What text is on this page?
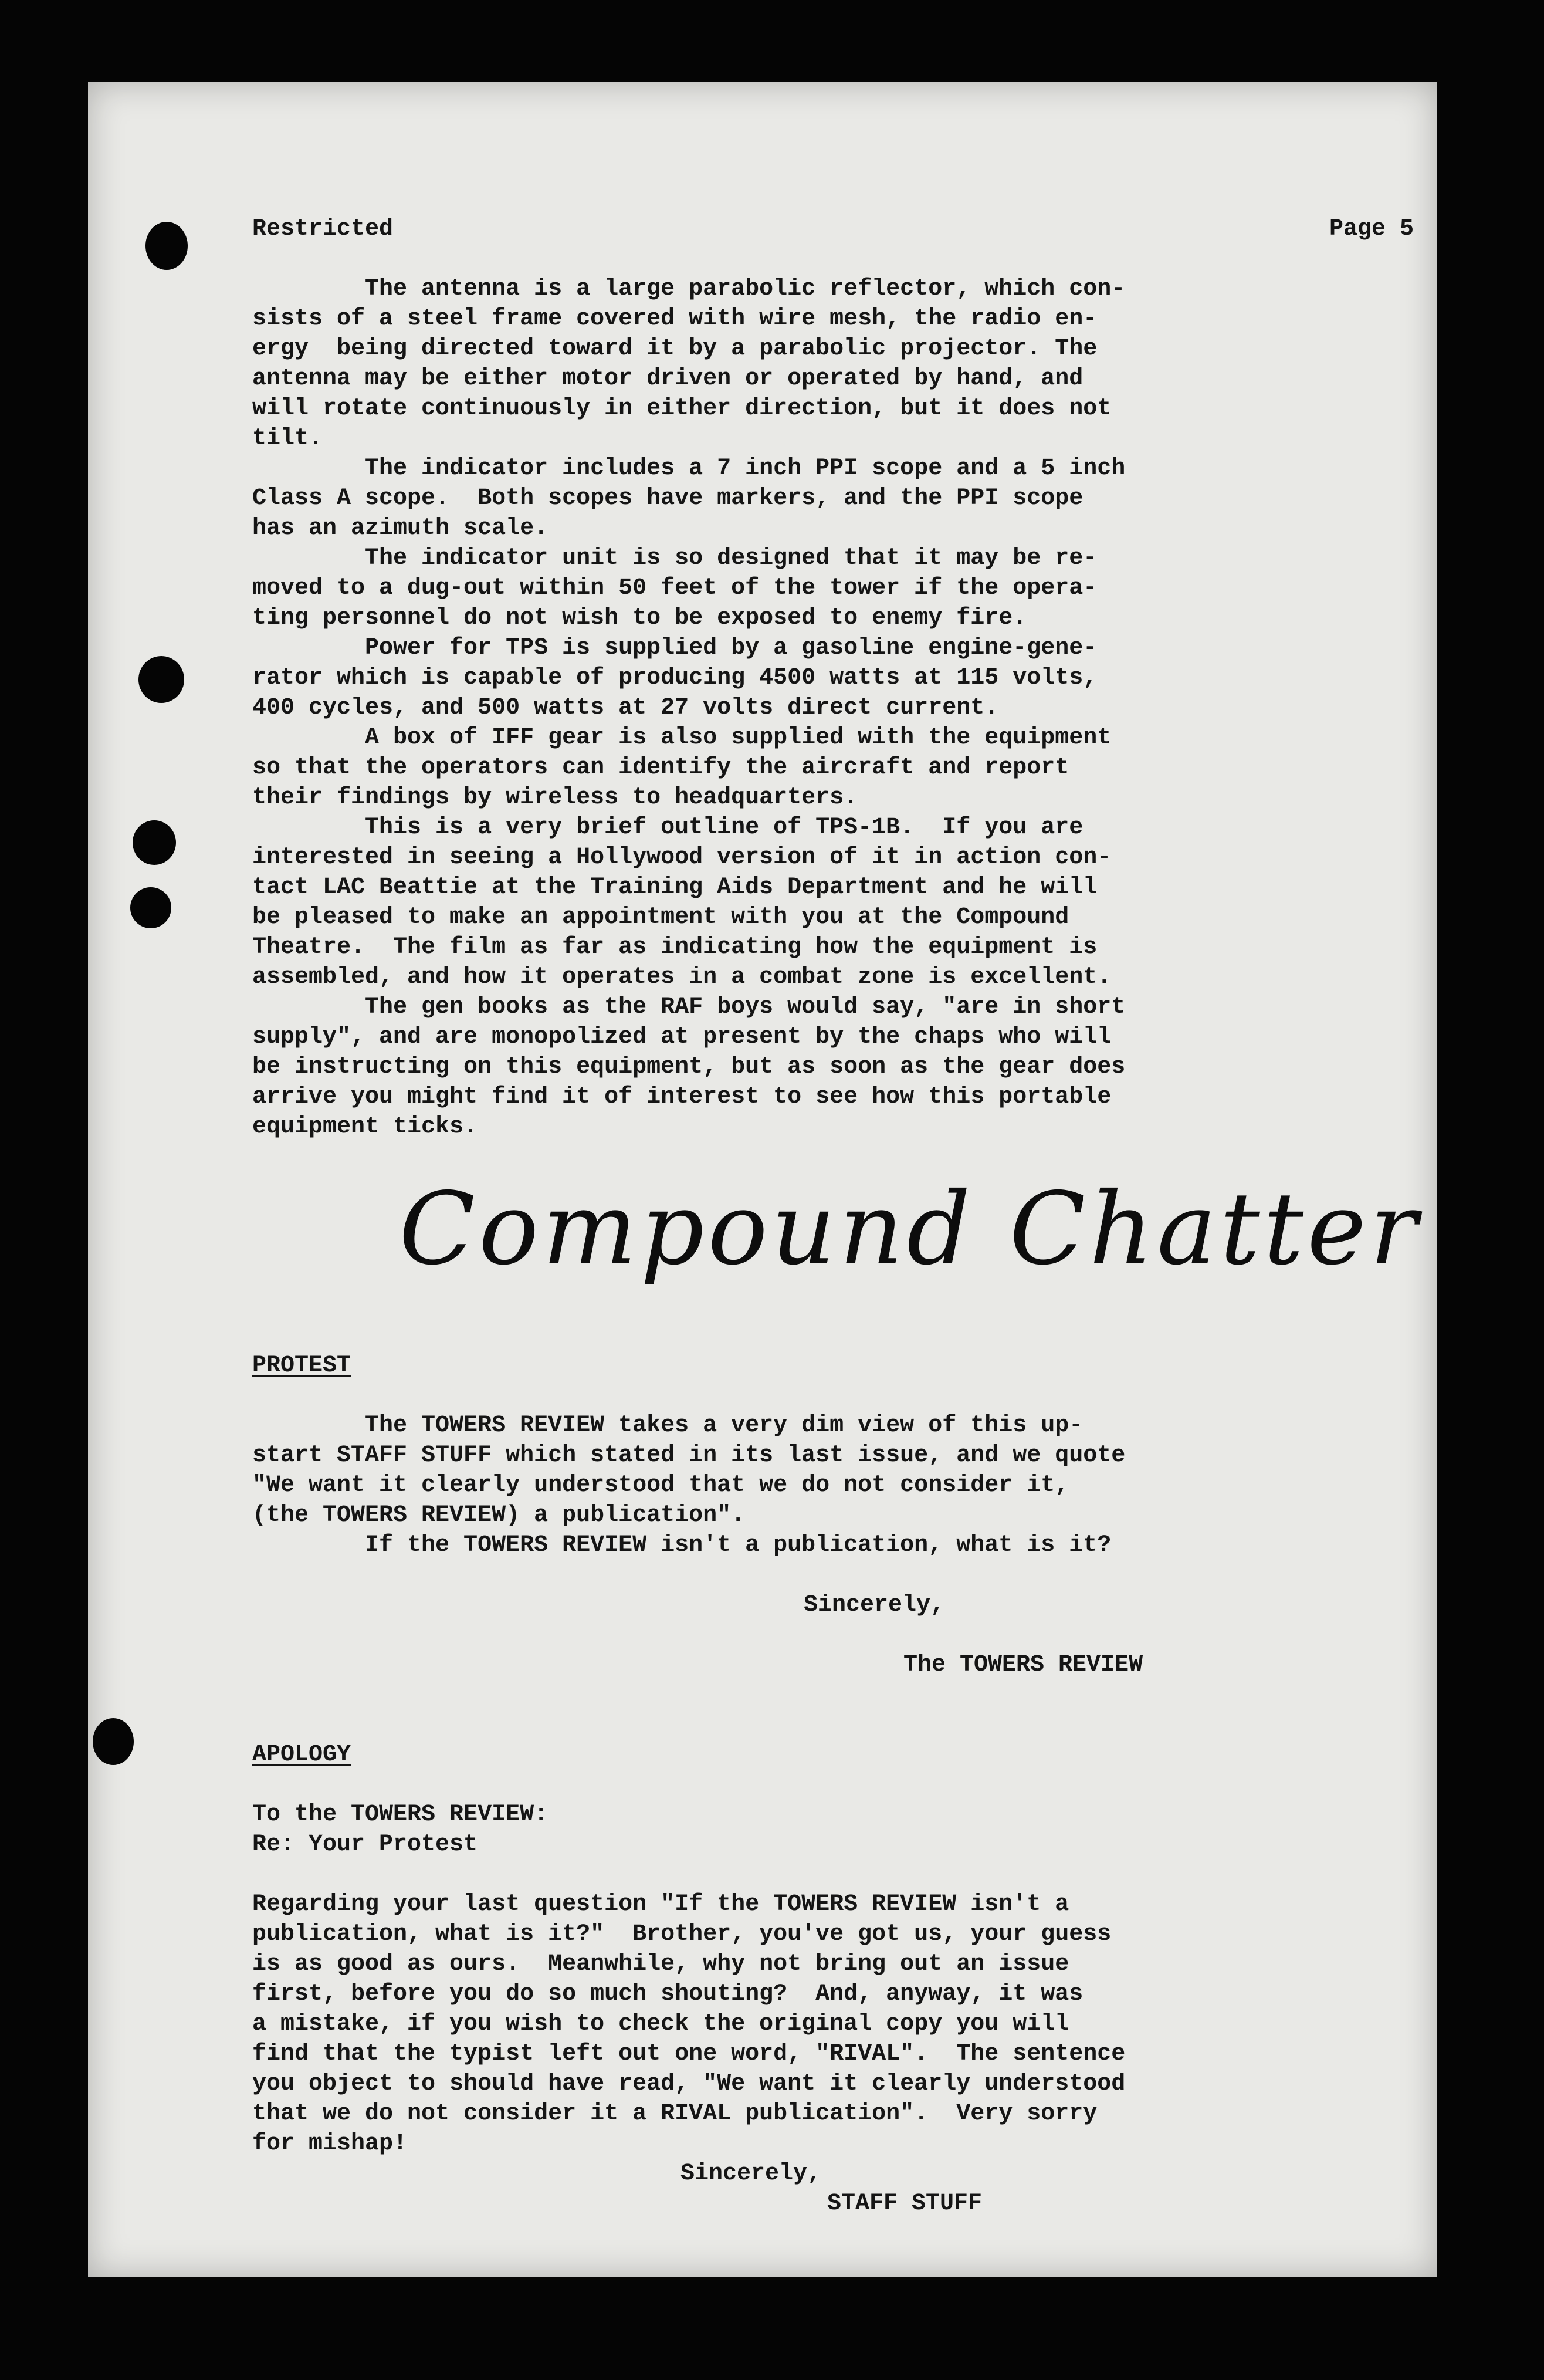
Restricted	Page 5
The antenna is a large parabolic reflector, which con-
sists of a steel frame covered with wire mesh, the radio en-
ergy  being directed toward it by a parabolic projector. The
antenna may be either motor driven or operated by hand, and
will rotate continuously in either direction, but it does not
tilt.
The indicator includes a 7 inch PPI scope and a 5 inch
Class A scope.  Both scopes have markers, and the PPI scope
has an azimuth scale.
The indicator unit is so designed that it may be re-
moved to a dug-out within 50 feet of the tower if the opera-
ting personnel do not wish to be exposed to enemy fire.
Power for TPS is supplied by a gasoline engine-gene-
rator which is capable of producing 4500 watts at 115 volts,
400 cycles, and 500 watts at 27 volts direct current.
A box of IFF gear is also supplied with the equipment
so that the operators can identify the aircraft and report
their findings by wireless to headquarters.
This is a very brief outline of TPS-1B.  If you are
interested in seeing a Hollywood version of it in action con-
tact LAC Beattie at the Training Aids Department and he will
be pleased to make an appointment with you at the Compound
Theatre.  The film as far as indicating how the equipment is
assembled, and how it operates in a combat zone is excellent.
The gen books as the RAF boys would say, "are in short
supply", and are monopolized at present by the chaps who will
be instructing on this equipment, but as soon as the gear does
arrive you might find it of interest to see how this portable
equipment ticks.
Compound Chatter
PROTEST
The TOWERS REVIEW takes a very dim view of this up-
start STAFF STUFF which stated in its last issue, and we quote
"We want it clearly understood that we do not consider it,
(the TOWERS REVIEW) a publication".
If the TOWERS REVIEW isn't a publication, what is it?
Sincerely,
The TOWERS REVIEW
APOLOGY
To the TOWERS REVIEW:
Re: Your Protest
Regarding your last question "If the TOWERS REVIEW isn't a
publication, what is it?"  Brother, you've got us, your guess
is as good as ours.  Meanwhile, why not bring out an issue
first, before you do so much shouting?  And, anyway, it was
a mistake, if you wish to check the original copy you will
find that the typist left out one word, "RIVAL".  The sentence
you object to should have read, "We want it clearly understood
that we do not consider it a RIVAL publication".  Very sorry
for mishap!
Sincerely,
STAFF STUFF
